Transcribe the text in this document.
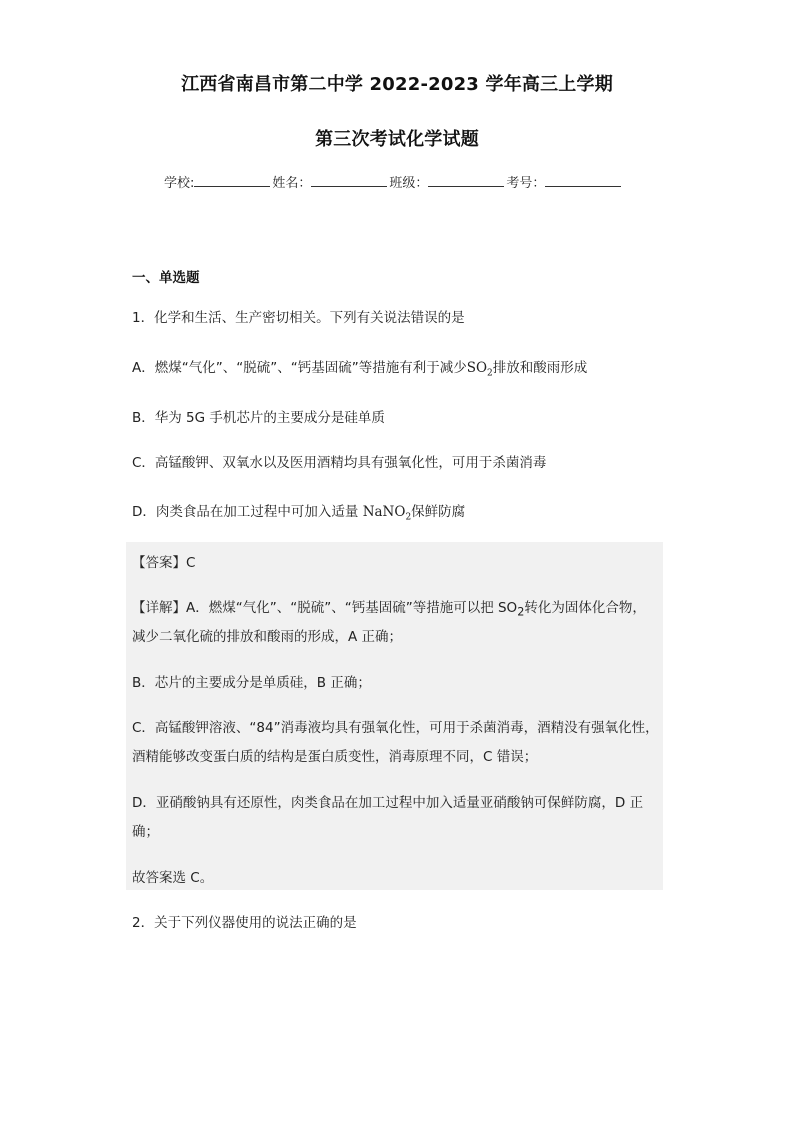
江西省南昌市第二中学 2022-2023 学年高三上学期
第三次考试化学试题
学校:	姓名：	班级：	考号：
一、单选题
1．化学和生活、生产密切相关。下列有关说法错误的是
A．燃煤“气化”、“脱硫”、“钙基固硫”等措施有利于减少$SO_2$排放和酸雨形成
B．华为 5G 手机芯片的主要成分是硅单质
C．高锰酸钾、双氧水以及医用酒精均具有强氧化性，可用于杀菌消毒
D．肉类食品在加工过程中可加入适量 NaNO$_2$保鲜防腐
【答案】C
【详解】A．燃煤“气化”、“脱硫”、“钙基固硫”等措施可以把 $SO_2$转化为固体化合物，
减少二氧化硫的排放和酸雨的形成，A 正确；
B．芯片的主要成分是单质硅，B 正确；
C．高锰酸钾溶液、“84”消毒液均具有强氧化性，可用于杀菌消毒，酒精没有强氧化性，
酒精能够改变蛋白质的结构是蛋白质变性，消毒原理不同，C 错误；
D．亚硝酸钠具有还原性，肉类食品在加工过程中加入适量亚硝酸钠可保鲜防腐，D 正
确；
故答案选 C。
2．关于下列仪器使用的说法正确的是
